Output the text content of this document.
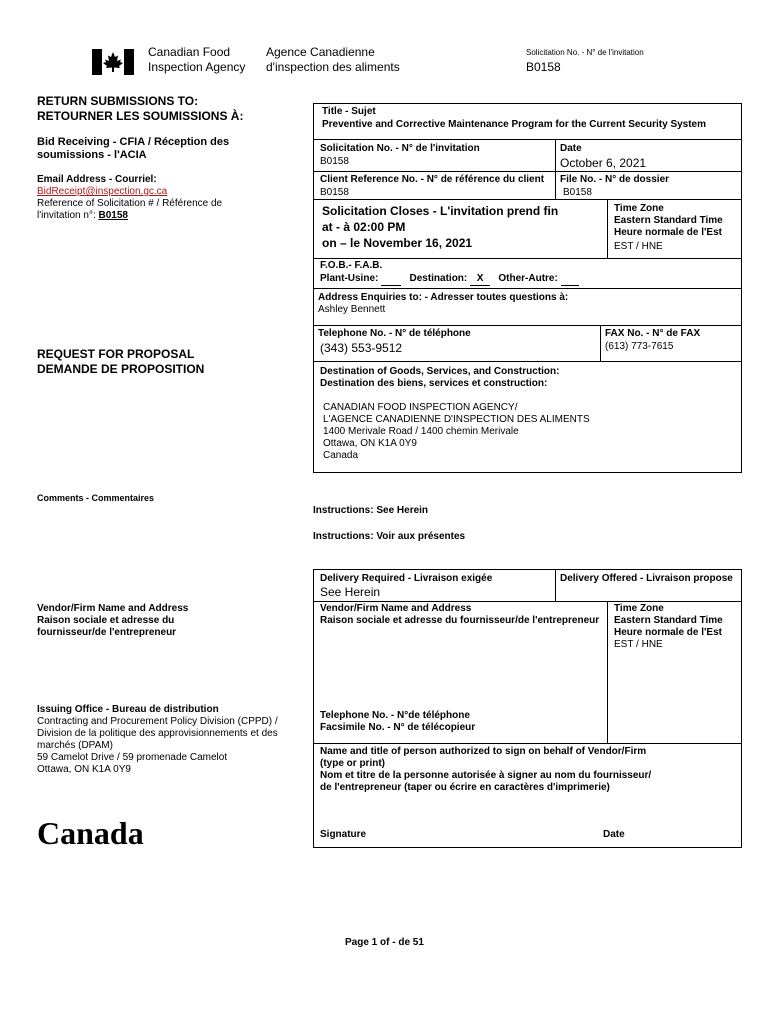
Canadian Food
Inspection Agency
Agence Canadienne
d'inspection des aliments
Solicitation No. - N° de l'invitation
B0158
RETURN SUBMISSIONS TO:
RETOURNER LES SOUMISSIONS À:
Bid Receiving - CFIA / Réception des
soumissions - l'ACIA
Email Address - Courriel:
BidReceipt@inspection.gc.ca
Reference of Solicitation # / Référence de
l'invitation n°: B0158
REQUEST FOR PROPOSAL
DEMANDE DE PROPOSITION
Comments - Commentaires
Vendor/Firm Name and Address
Raison sociale et adresse du
fournisseur/de l'entrepreneur
Issuing Office - Bureau de distribution
Contracting and Procurement Policy Division (CPPD) /
Division de la politique des approvisionnements et des
marchés (DPAM)
59 Camelot Drive / 59 promenade Camelot
Ottawa, ON K1A 0Y9
Canada
Title - Sujet
Preventive and Corrective Maintenance Program for the Current Security System
Solicitation No. - N° de l'invitation
B0158
Date
October 6, 2021
Client Reference No. - N° de référence du client
B0158
File No. - N° de dossier
B0158
Solicitation Closes - L'invitation prend fin
at - à 02:00 PM
on – le November 16, 2021
Time Zone
Eastern Standard Time
Heure normale de l'Est
EST / HNE
F.O.B.- F.A.B.
Plant-Usine:	Destination: X Other-Autre:
Address Enquiries to: - Adresser toutes questions à:
Ashley Bennett
Telephone No. - N° de téléphone
(343) 553-9512
FAX No. - N° de FAX
(613) 773-7615
Destination of Goods, Services, and Construction:
Destination des biens, services et construction:
CANADIAN FOOD INSPECTION AGENCY/
L'AGENCE CANADIENNE D'INSPECTION DES ALIMENTS
1400 Merivale Road / 1400 chemin Merivale
Ottawa, ON K1A 0Y9
Canada
Instructions: See Herein
Instructions: Voir aux présentes
Delivery Required - Livraison exigée
See Herein
Delivery Offered - Livraison propose
Vendor/Firm Name and Address
Raison sociale et adresse du fournisseur/de l'entrepreneur
Time Zone
Eastern Standard Time
Heure normale de l'Est
EST / HNE
Telephone No. - N°de téléphone
Facsimile No. - N° de télécopieur
Name and title of person authorized to sign on behalf of Vendor/Firm
(type or print)
Nom et titre de la personne autorisée à signer au nom du fournisseur/
de l'entrepreneur (taper ou écrire en caractères d'imprimerie)
Signature	Date
Page 1 of - de 51
